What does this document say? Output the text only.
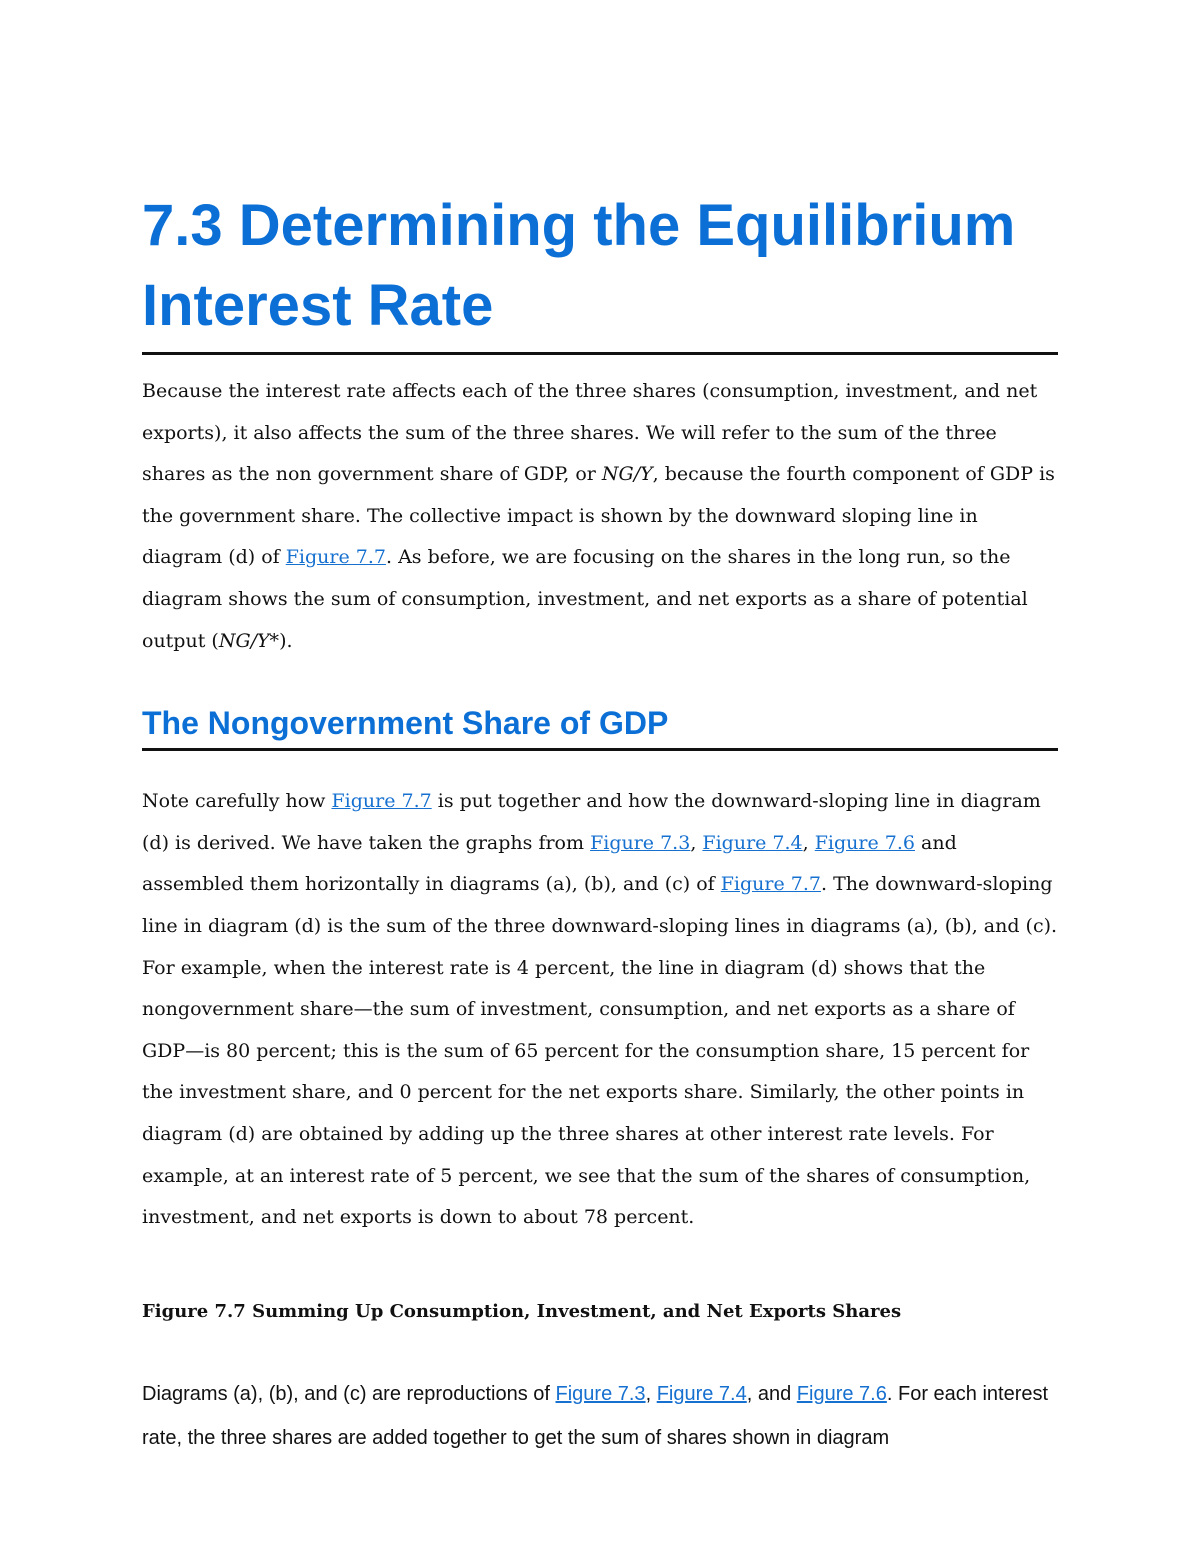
7.3 Determining the Equilibrium
Interest Rate

Because the interest rate affects each of the three shares (consumption, investment, and net exports), it also affects the sum of the three shares. We will refer to the sum of the three shares as the non government share of GDP, or NG/Y, because the fourth component of GDP is the government share. The collective impact is shown by the downward sloping line in diagram (d) of Figure 7.7. As before, we are focusing on the shares in the long run, so the diagram shows the sum of consumption, investment, and net exports as a share of potential output (NG/Y*).

The Nongovernment Share of GDP

Note carefully how Figure 7.7 is put together and how the downward-sloping line in diagram (d) is derived. We have taken the graphs from Figure 7.3, Figure 7.4, Figure 7.6 and assembled them horizontally in diagrams (a), (b), and (c) of Figure 7.7. The downward-sloping line in diagram (d) is the sum of the three downward-sloping lines in diagrams (a), (b), and (c). For example, when the interest rate is 4 percent, the line in diagram (d) shows that the nongovernment share—the sum of investment, consumption, and net exports as a share of GDP—is 80 percent; this is the sum of 65 percent for the consumption share, 15 percent for the investment share, and 0 percent for the net exports share. Similarly, the other points in diagram (d) are obtained by adding up the three shares at other interest rate levels. For example, at an interest rate of 5 percent, we see that the sum of the shares of consumption, investment, and net exports is down to about 78 percent.

Figure 7.7 Summing Up Consumption, Investment, and Net Exports Shares

Diagrams (a), (b), and (c) are reproductions of Figure 7.3, Figure 7.4, and Figure 7.6. For each interest rate, the three shares are added together to get the sum of shares shown in diagram
